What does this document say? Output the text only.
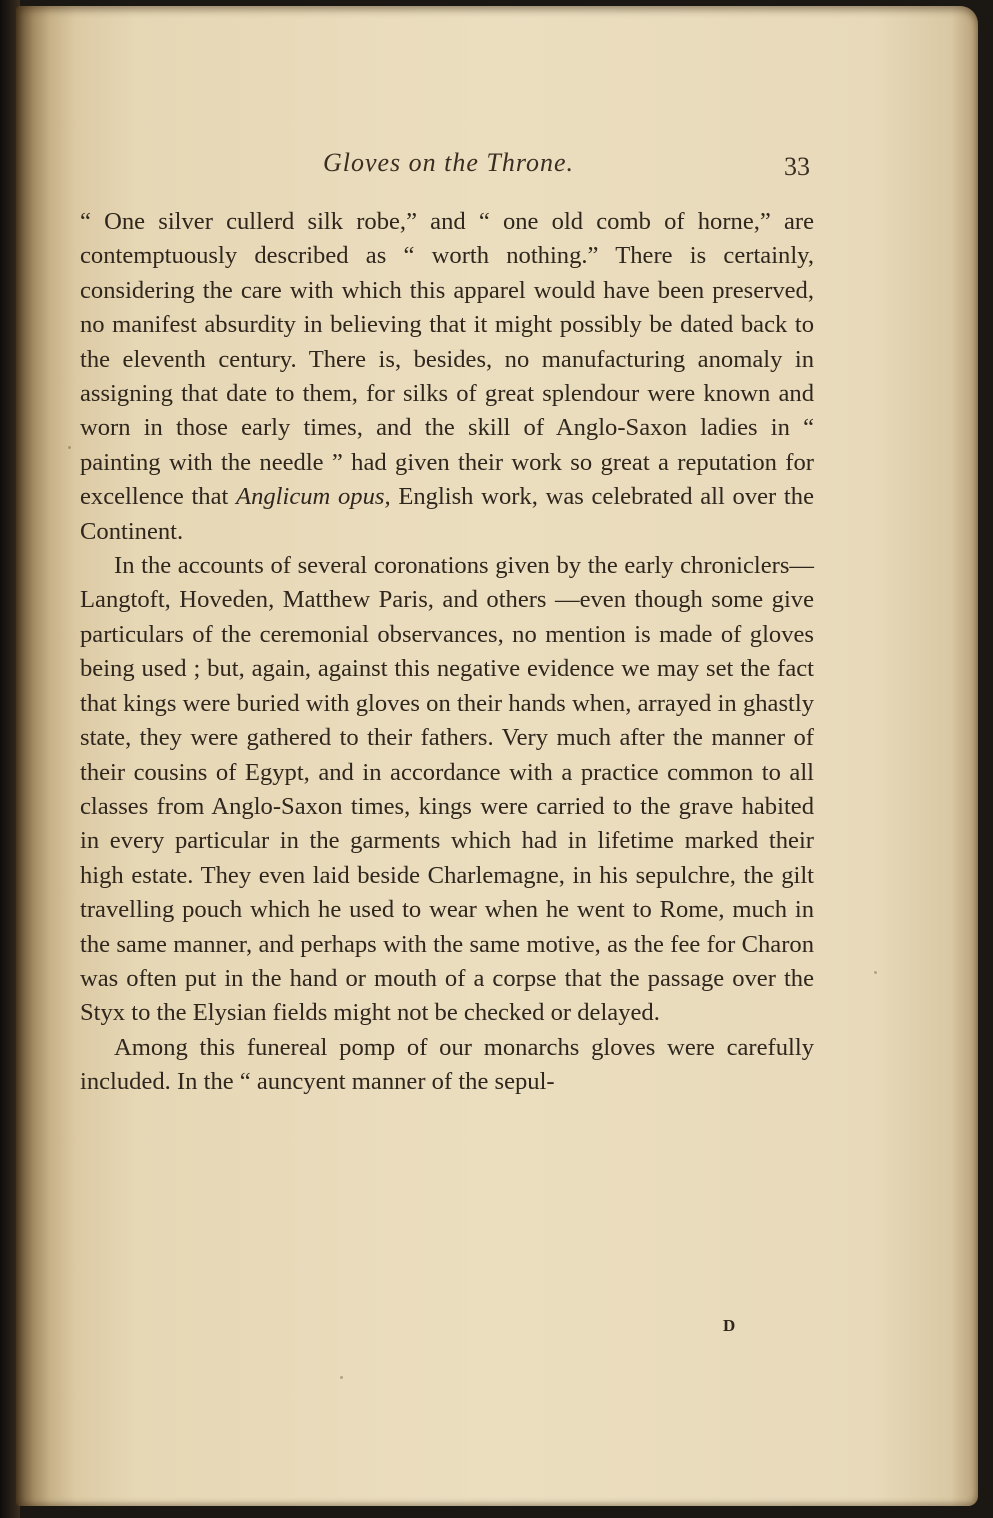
Gloves on the Throne.	33

“ One silver cullerd silk robe,” and “ one old comb of horne,” are contemptuously described as “ worth nothing.” There is certainly, considering the care with which this apparel would have been preserved, no manifest absurdity in believing that it might possibly be dated back to the eleventh century. There is, besides, no manufacturing anomaly in assigning that date to them, for silks of great splendour were known and worn in those early times, and the skill of Anglo-Saxon ladies in “ painting with the needle ” had given their work so great a reputation for excellence that Anglicum opus, English work, was celebrated all over the Continent.

In the accounts of several coronations given by the early chroniclers—Langtoft, Hoveden, Matthew Paris, and others —even though some give particulars of the ceremonial observances, no mention is made of gloves being used ; but, again, against this negative evidence we may set the fact that kings were buried with gloves on their hands when, arrayed in ghastly state, they were gathered to their fathers. Very much after the manner of their cousins of Egypt, and in accordance with a practice common to all classes from Anglo-Saxon times, kings were carried to the grave habited in every particular in the garments which had in lifetime marked their high estate. They even laid beside Charlemagne, in his sepulchre, the gilt travelling pouch which he used to wear when he went to Rome, much in the same manner, and perhaps with the same motive, as the fee for Charon was often put in the hand or mouth of a corpse that the passage over the Styx to the Elysian fields might not be checked or delayed.

Among this funereal pomp of our monarchs gloves were carefully included. In the “ auncyent manner of the sepul-

D
